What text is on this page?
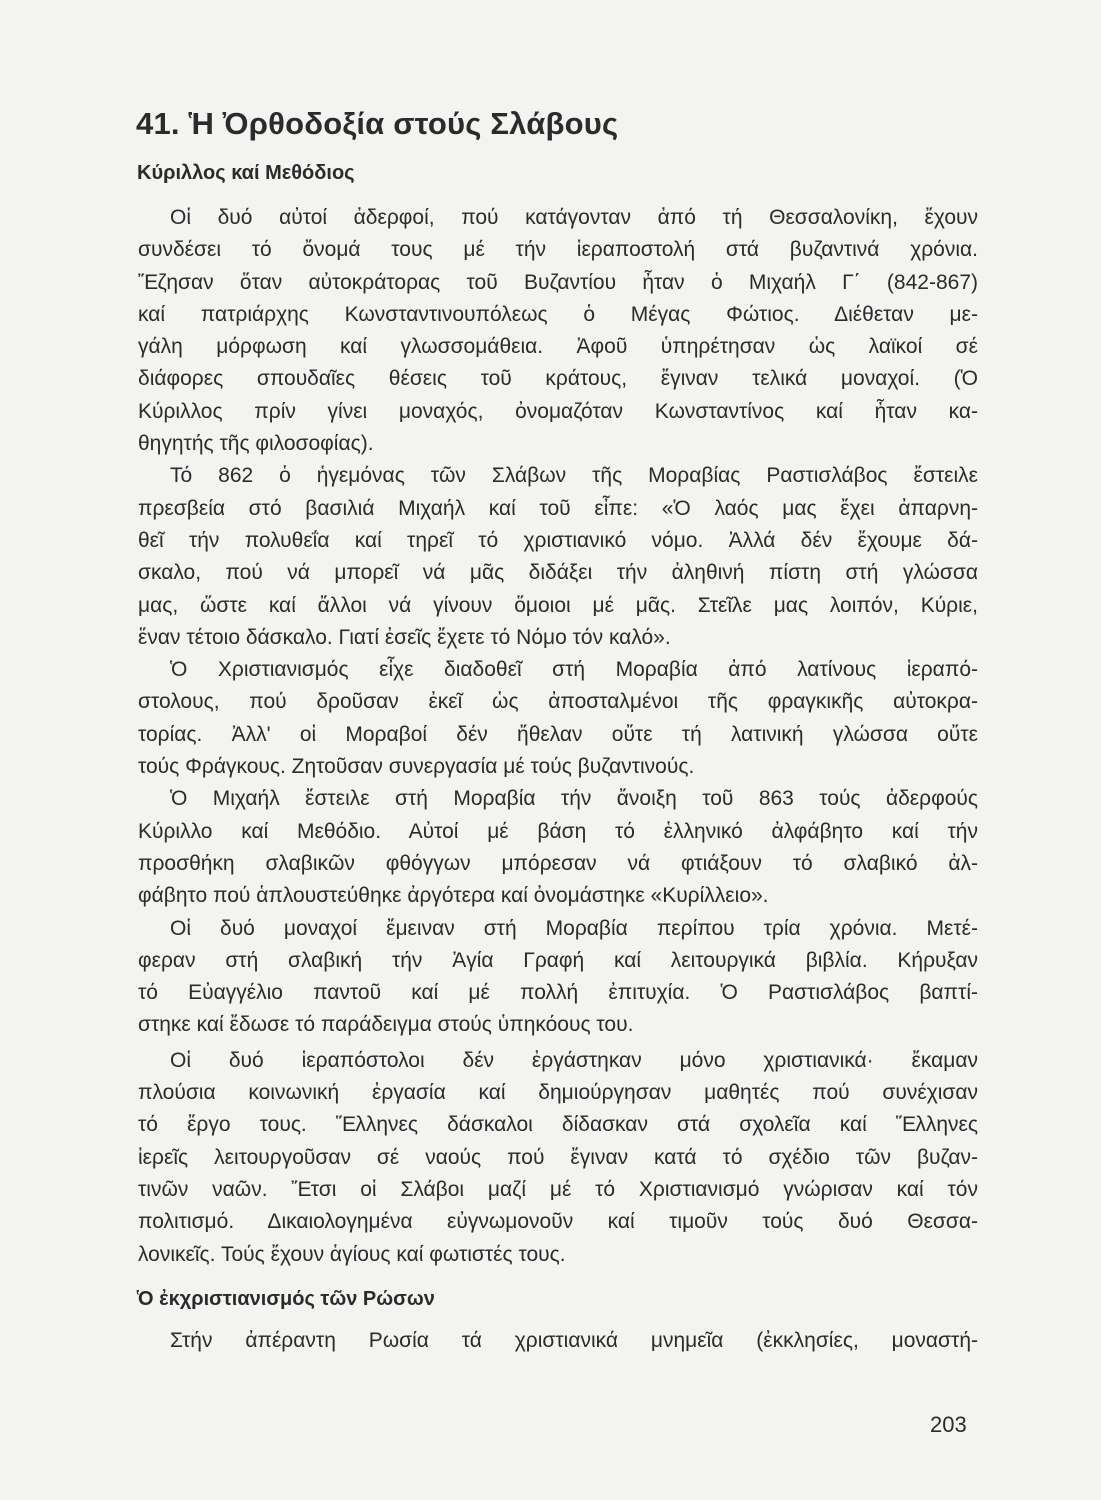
41. Ἡ Ὀρθοδοξία στούς Σλάβους
Κύριλλος καί Μεθόδιος
Οἱ δυό αὐτοί ἀδερφοί, πού κατάγονταν ἀπό τή Θεσσαλονίκη, ἔχουν
συνδέσει τό ὄνομά τους μέ τήν ἱεραποστολή στά βυζαντινά χρόνια.
Ἔζησαν ὅταν αὐτοκράτορας τοῦ Βυζαντίου ἦταν ὁ Μιχαήλ Γ΄ (842-867)
καί πατριάρχης Κωνσταντινουπόλεως ὁ Μέγας Φώτιος. Διέθεταν με-
γάλη μόρφωση καί γλωσσομάθεια. Ἀφοῦ ὑπηρέτησαν ὡς λαϊκοί σέ
διάφορες σπουδαῖες θέσεις τοῦ κράτους, ἔγιναν τελικά μοναχοί. (Ὁ
Κύριλλος πρίν γίνει μοναχός, ὀνομαζόταν Κωνσταντίνος καί ἦταν κα-
θηγητής τῆς φιλοσοφίας).
Τό 862 ὁ ἡγεμόνας τῶν Σλάβων τῆς Μοραβίας Ραστισλάβος ἔστειλε
πρεσβεία στό βασιλιά Μιχαήλ καί τοῦ εἶπε: «Ὁ λαός μας ἔχει ἀπαρνη-
θεῖ τήν πολυθεΐα καί τηρεῖ τό χριστιανικό νόμο. Ἀλλά δέν ἔχουμε δά-
σκαλο, πού νά μπορεῖ νά μᾶς διδάξει τήν ἀληθινή πίστη στή γλώσσα
μας, ὥστε καί ἄλλοι νά γίνουν ὅμοιοι μέ μᾶς. Στεῖλε μας λοιπόν, Κύριε,
ἕναν τέτοιο δάσκαλο. Γιατί ἐσεῖς ἔχετε τό Νόμο τόν καλό».
Ὁ Χριστιανισμός εἶχε διαδοθεῖ στή Μοραβία ἀπό λατίνους ἱεραπό-
στολους, πού δροῦσαν ἐκεῖ ὡς ἀποσταλμένοι τῆς φραγκικῆς αὐτοκρα-
τορίας. Ἀλλ' οἱ Μοραβοί δέν ἤθελαν οὔτε τή λατινική γλώσσα οὔτε
τούς Φράγκους. Ζητοῦσαν συνεργασία μέ τούς βυζαντινούς.
Ὁ Μιχαήλ ἔστειλε στή Μοραβία τήν ἄνοιξη τοῦ 863 τούς ἀδερφούς
Κύριλλο καί Μεθόδιο. Αὐτοί μέ βάση τό ἑλληνικό ἀλφάβητο καί τήν
προσθήκη σλαβικῶν φθόγγων μπόρεσαν νά φτιάξουν τό σλαβικό ἀλ-
φάβητο πού ἁπλουστεύθηκε ἀργότερα καί ὀνομάστηκε «Κυρίλλειο».
Οἱ δυό μοναχοί ἔμειναν στή Μοραβία περίπου τρία χρόνια. Μετέ-
φεραν στή σλαβική τήν Ἁγία Γραφή καί λειτουργικά βιβλία. Κήρυξαν
τό Εὐαγγέλιο παντοῦ καί μέ πολλή ἐπιτυχία. Ὁ Ραστισλάβος βαπτί-
στηκε καί ἔδωσε τό παράδειγμα στούς ὑπηκόους του.
Οἱ δυό ἱεραπόστολοι δέν ἐργάστηκαν μόνο χριστιανικά· ἔκαμαν
πλούσια κοινωνική ἐργασία καί δημιούργησαν μαθητές πού συνέχισαν
τό ἔργο τους. Ἕλληνες δάσκαλοι δίδασκαν στά σχολεῖα καί Ἕλληνες
ἱερεῖς λειτουργοῦσαν σέ ναούς πού ἔγιναν κατά τό σχέδιο τῶν βυζαν-
τινῶν ναῶν. Ἔτσι οἱ Σλάβοι μαζί μέ τό Χριστιανισμό γνώρισαν καί τόν
πολιτισμό. Δικαιολογημένα εὐγνωμονοῦν καί τιμοῦν τούς δυό Θεσσα-
λονικεῖς. Τούς ἔχουν ἁγίους καί φωτιστές τους.
Ὁ ἐκχριστιανισμός τῶν Ρώσων
Στήν ἀπέραντη Ρωσία τά χριστιανικά μνημεῖα (ἐκκλησίες, μοναστή-
203
